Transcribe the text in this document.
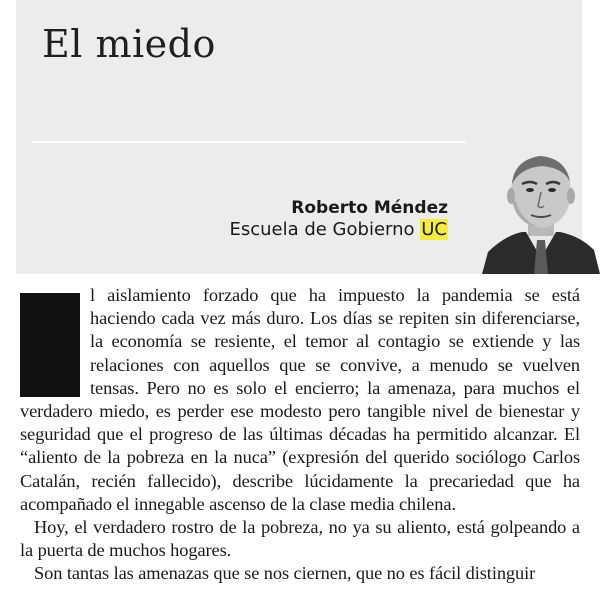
El miedo
Roberto Méndez
Escuela de Gobierno UC

l aislamiento forzado que ha impuesto la pandemia se está haciendo cada vez más duro. Los días se repiten sin diferenciarse, la economía se resiente, el temor al contagio se extiende y las relaciones con aquellos que se convive, a menudo se vuelven tensas. Pero no es solo el encierro; la amenaza, para muchos el verdadero miedo, es perder ese modesto pero tangible nivel de bienestar y seguridad que el progreso de las últimas décadas ha permitido alcanzar. El “aliento de la pobreza en la nuca” (expresión del querido sociólogo Carlos Catalán, recién fallecido), describe lúcidamente la precariedad que ha acompañado el innegable ascenso de la clase media chilena.

Hoy, el verdadero rostro de la pobreza, no ya su aliento, está golpeando a la puerta de muchos hogares.

Son tantas las amenazas que se nos ciernen, que no es fácil distinguir
